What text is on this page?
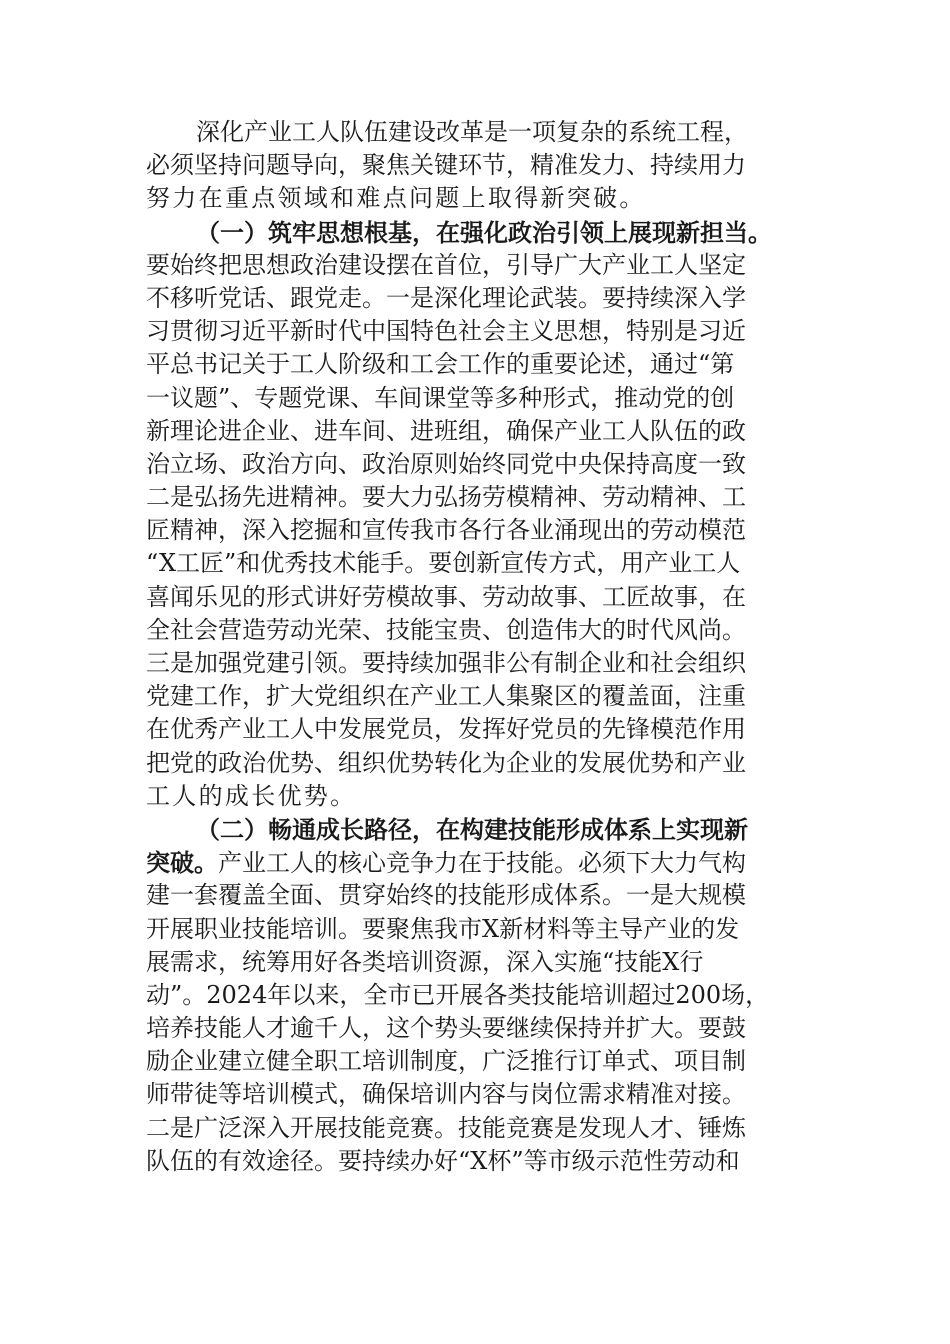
深化产业工人队伍建设改革是一项复杂的系统工程，
必须坚持问题导向，聚焦关键环节，精准发力、持续用力
努力在重点领域和难点问题上取得新突破。
（一）筑牢思想根基，在强化政治引领上展现新担当。
要始终把思想政治建设摆在首位，引导广大产业工人坚定
不移听党话、跟党走。一是深化理论武装。要持续深入学
习贯彻习近平新时代中国特色社会主义思想，特别是习近
平总书记关于工人阶级和工会工作的重要论述，通过“第
一议题”、专题党课、车间课堂等多种形式，推动党的创
新理论进企业、进车间、进班组，确保产业工人队伍的政
治立场、政治方向、政治原则始终同党中央保持高度一致
二是弘扬先进精神。要大力弘扬劳模精神、劳动精神、工
匠精神，深入挖掘和宣传我市各行各业涌现出的劳动模范
“X工匠”和优秀技术能手。要创新宣传方式，用产业工人
喜闻乐见的形式讲好劳模故事、劳动故事、工匠故事，在
全社会营造劳动光荣、技能宝贵、创造伟大的时代风尚。
三是加强党建引领。要持续加强非公有制企业和社会组织
党建工作，扩大党组织在产业工人集聚区的覆盖面，注重
在优秀产业工人中发展党员，发挥好党员的先锋模范作用
把党的政治优势、组织优势转化为企业的发展优势和产业
工人的成长优势。
（二）畅通成长路径，在构建技能形成体系上实现新
突破。产业工人的核心竞争力在于技能。必须下大力气构
建一套覆盖全面、贯穿始终的技能形成体系。一是大规模
开展职业技能培训。要聚焦我市X新材料等主导产业的发
展需求，统筹用好各类培训资源，深入实施“技能X行
动”。2024年以来，全市已开展各类技能培训超过200场，
培养技能人才逾千人，这个势头要继续保持并扩大。要鼓
励企业建立健全职工培训制度，广泛推行订单式、项目制
师带徒等培训模式，确保培训内容与岗位需求精准对接。
二是广泛深入开展技能竞赛。技能竞赛是发现人才、锤炼
队伍的有效途径。要持续办好“X杯”等市级示范性劳动和
